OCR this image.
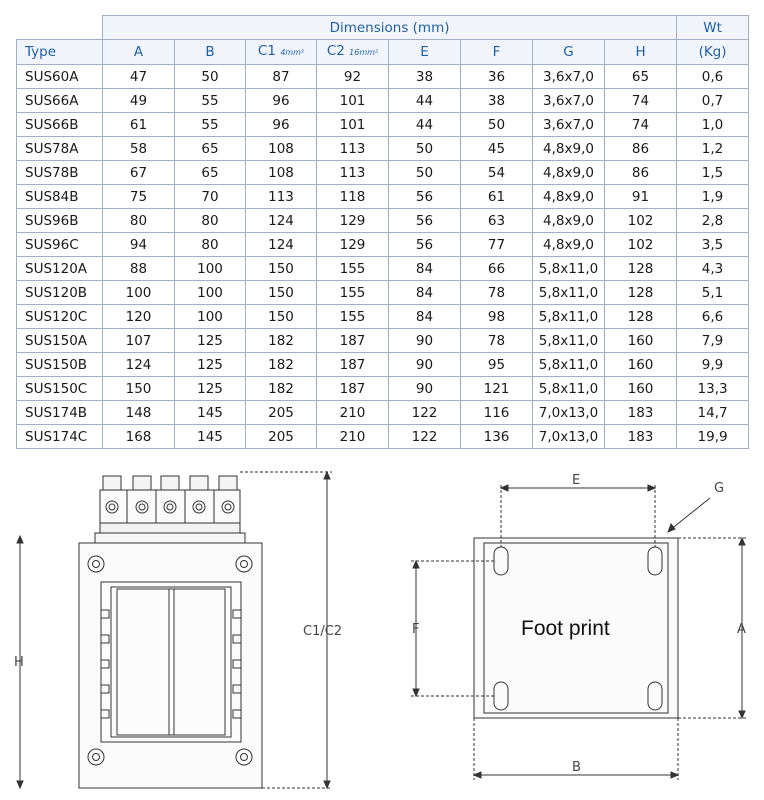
	Dimensions (mm)								Wt
Type	A	B	C1 4mm²	C2 16mm²	E	F	G	H	(Kg)
SUS60A	47	50	87	92	38	36	3,6x7,0	65	0,6
SUS66A	49	55	96	101	44	38	3,6x7,0	74	0,7
SUS66B	61	55	96	101	44	50	3,6x7,0	74	1,0
SUS78A	58	65	108	113	50	45	4,8x9,0	86	1,2
SUS78B	67	65	108	113	50	54	4,8x9,0	86	1,5
SUS84B	75	70	113	118	56	61	4,8x9,0	91	1,9
SUS96B	80	80	124	129	56	63	4,8x9,0	102	2,8
SUS96C	94	80	124	129	56	77	4,8x9,0	102	3,5
SUS120A	88	100	150	155	84	66	5,8x11,0	128	4,3
SUS120B	100	100	150	155	84	78	5,8x11,0	128	5,1
SUS120C	120	100	150	155	84	98	5,8x11,0	128	6,6
SUS150A	107	125	182	187	90	78	5,8x11,0	160	7,9
SUS150B	124	125	182	187	90	95	5,8x11,0	160	9,9
SUS150C	150	125	182	187	90	121	5,8x11,0	160	13,3
SUS174B	148	145	205	210	122	116	7,0x13,0	183	14,7
SUS174C	168	145	205	210	122	136	7,0x13,0	183	19,9
H
C1/C2	Foot print
E
G
F	A
B
